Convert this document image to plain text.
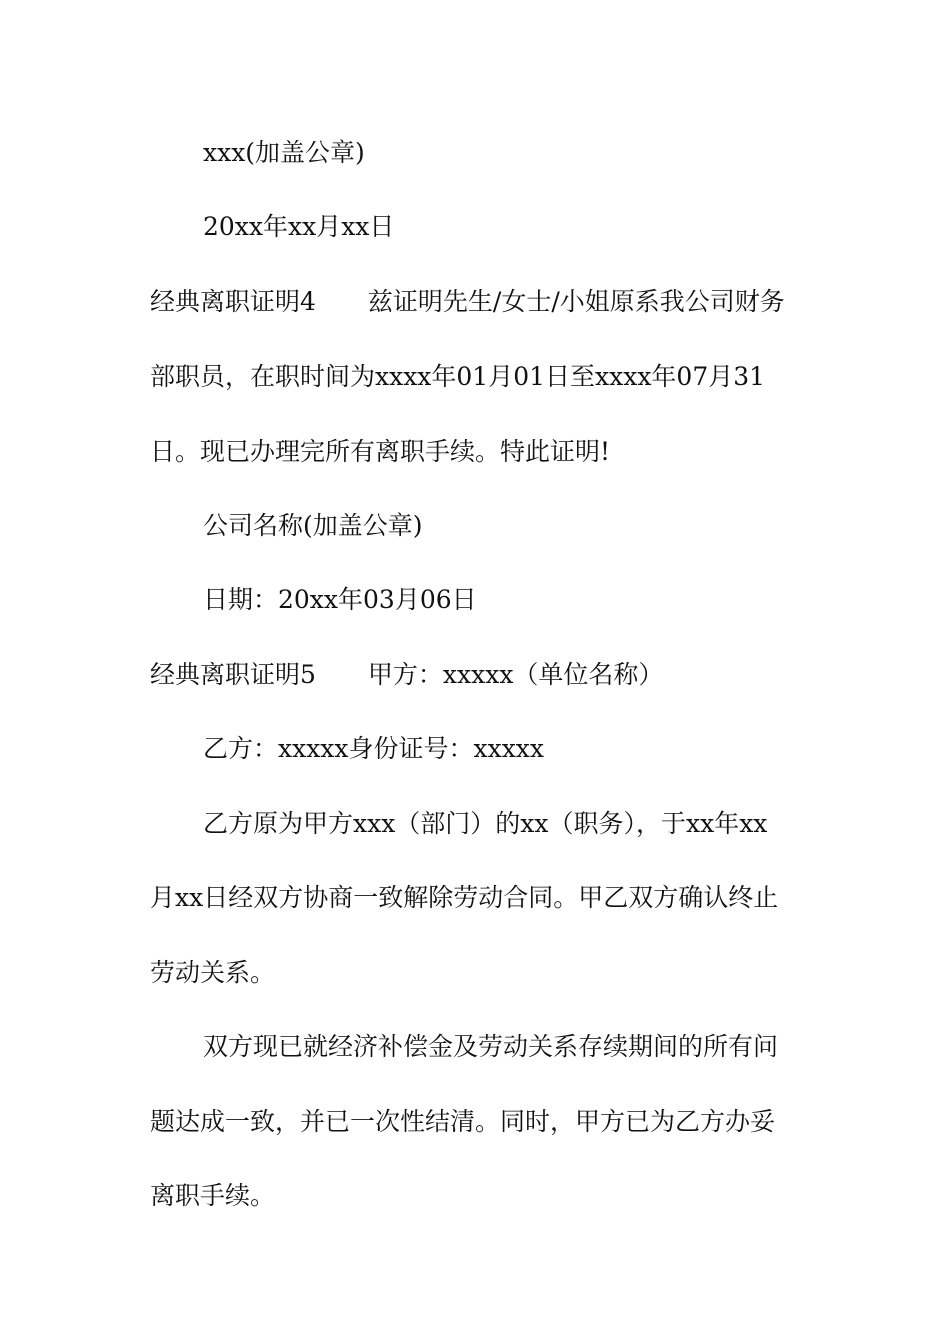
xxx(加盖公章)
20xx年xx月xx日
经典离职证明4 兹证明先生/女士/小姐原系我公司财务
部职员，在职时间为xxxx年01月01日至xxxx年07月31
日。现已办理完所有离职手续。特此证明!
公司名称(加盖公章)
日期：20xx年03月06日
经典离职证明5 甲方：xxxxx（单位名称）
乙方：xxxxx身份证号：xxxxx
乙方原为甲方xxx（部门）的xx（职务），于xx年xx
月xx日经双方协商一致解除劳动合同。甲乙双方确认终止
劳动关系。
双方现已就经济补偿金及劳动关系存续期间的所有问
题达成一致，并已一次性结清。同时，甲方已为乙方办妥
离职手续。
